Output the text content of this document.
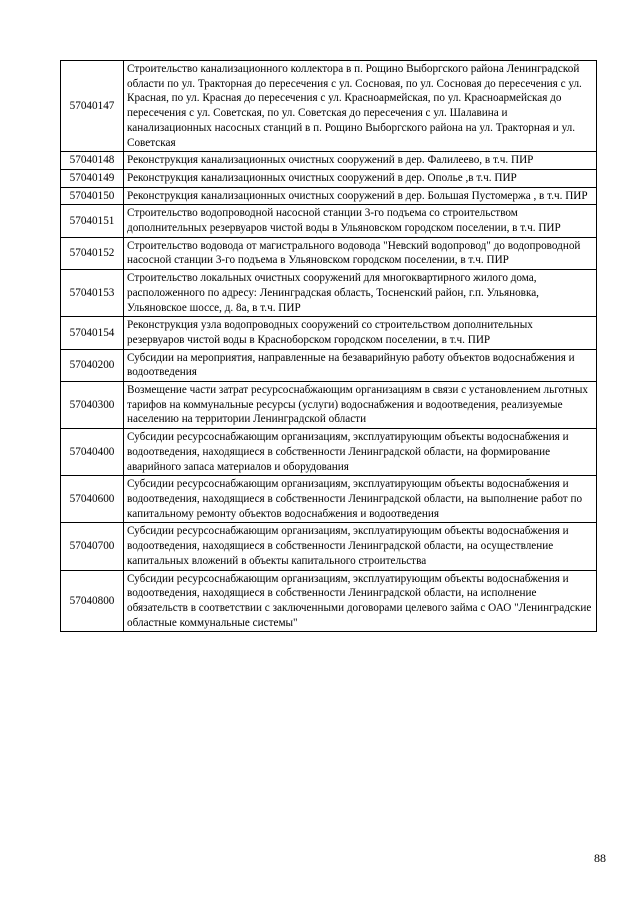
57040147	Строительство канализационного коллектора в п. Рощино Выборгского района Ленинградской области по ул. Тракторная до пересечения с ул. Сосновая, по ул. Сосновая до пересечения с ул. Красная, по ул. Красная до пересечения с ул. Красноармейская, по ул. Красноармейская до пересечения с ул. Советская, по ул. Советская до пересечения с ул. Шалавина и канализационных насосных станций в п. Рощино Выборгского района на ул. Тракторная и ул. Советская
57040148	Реконструкция канализационных очистных сооружений в дер. Фалилеево, в т.ч. ПИР
57040149	Реконструкция канализационных очистных сооружений в дер. Ополье ,в т.ч. ПИР
57040150	Реконструкция канализационных очистных сооружений в дер. Большая Пустомержа , в т.ч. ПИР
57040151	Строительство водопроводной насосной станции 3-го подъема со строительством дополнительных резервуаров чистой воды в Ульяновском городском поселении, в т.ч. ПИР
57040152	Строительство водовода от магистрального водовода "Невский водопровод" до водопроводной насосной станции 3-го подъема в Ульяновском городском поселении, в т.ч. ПИР
57040153	Строительство локальных очистных сооружений для многоквартирного жилого дома, расположенного по адресу: Ленинградская область, Тосненский район, г.п. Ульяновка, Ульяновское шоссе, д. 8а, в т.ч. ПИР
57040154	Реконструкция узла водопроводных сооружений со строительством дополнительных резервуаров чистой воды в Красноборском городском поселении, в т.ч. ПИР
57040200	Субсидии на мероприятия, направленные на безаварийную работу объектов водоснабжения и водоотведения
57040300	Возмещение части затрат ресурсоснабжающим организациям в связи с установлением льготных тарифов на коммунальные ресурсы (услуги) водоснабжения и водоотведения, реализуемые населению на территории Ленинградской области
57040400	Субсидии ресурсоснабжающим организациям, эксплуатирующим объекты водоснабжения и водоотведения, находящиеся в собственности Ленинградской области, на формирование аварийного запаса материалов и оборудования
57040600	Субсидии ресурсоснабжающим организациям, эксплуатирующим объекты водоснабжения и водоотведения, находящиеся в собственности Ленинградской области, на выполнение работ по капитальному ремонту объектов водоснабжения и водоотведения
57040700	Субсидии ресурсоснабжающим организациям, эксплуатирующим объекты водоснабжения и водоотведения, находящиеся в собственности Ленинградской области, на осуществление капитальных вложений в объекты капитального строительства
57040800	Субсидии ресурсоснабжающим организациям, эксплуатирующим объекты водоснабжения и водоотведения, находящиеся в собственности Ленинградской области, на исполнение обязательств в соответствии с заключенными договорами целевого займа с ОАО "Ленинградские областные коммунальные системы"
88
